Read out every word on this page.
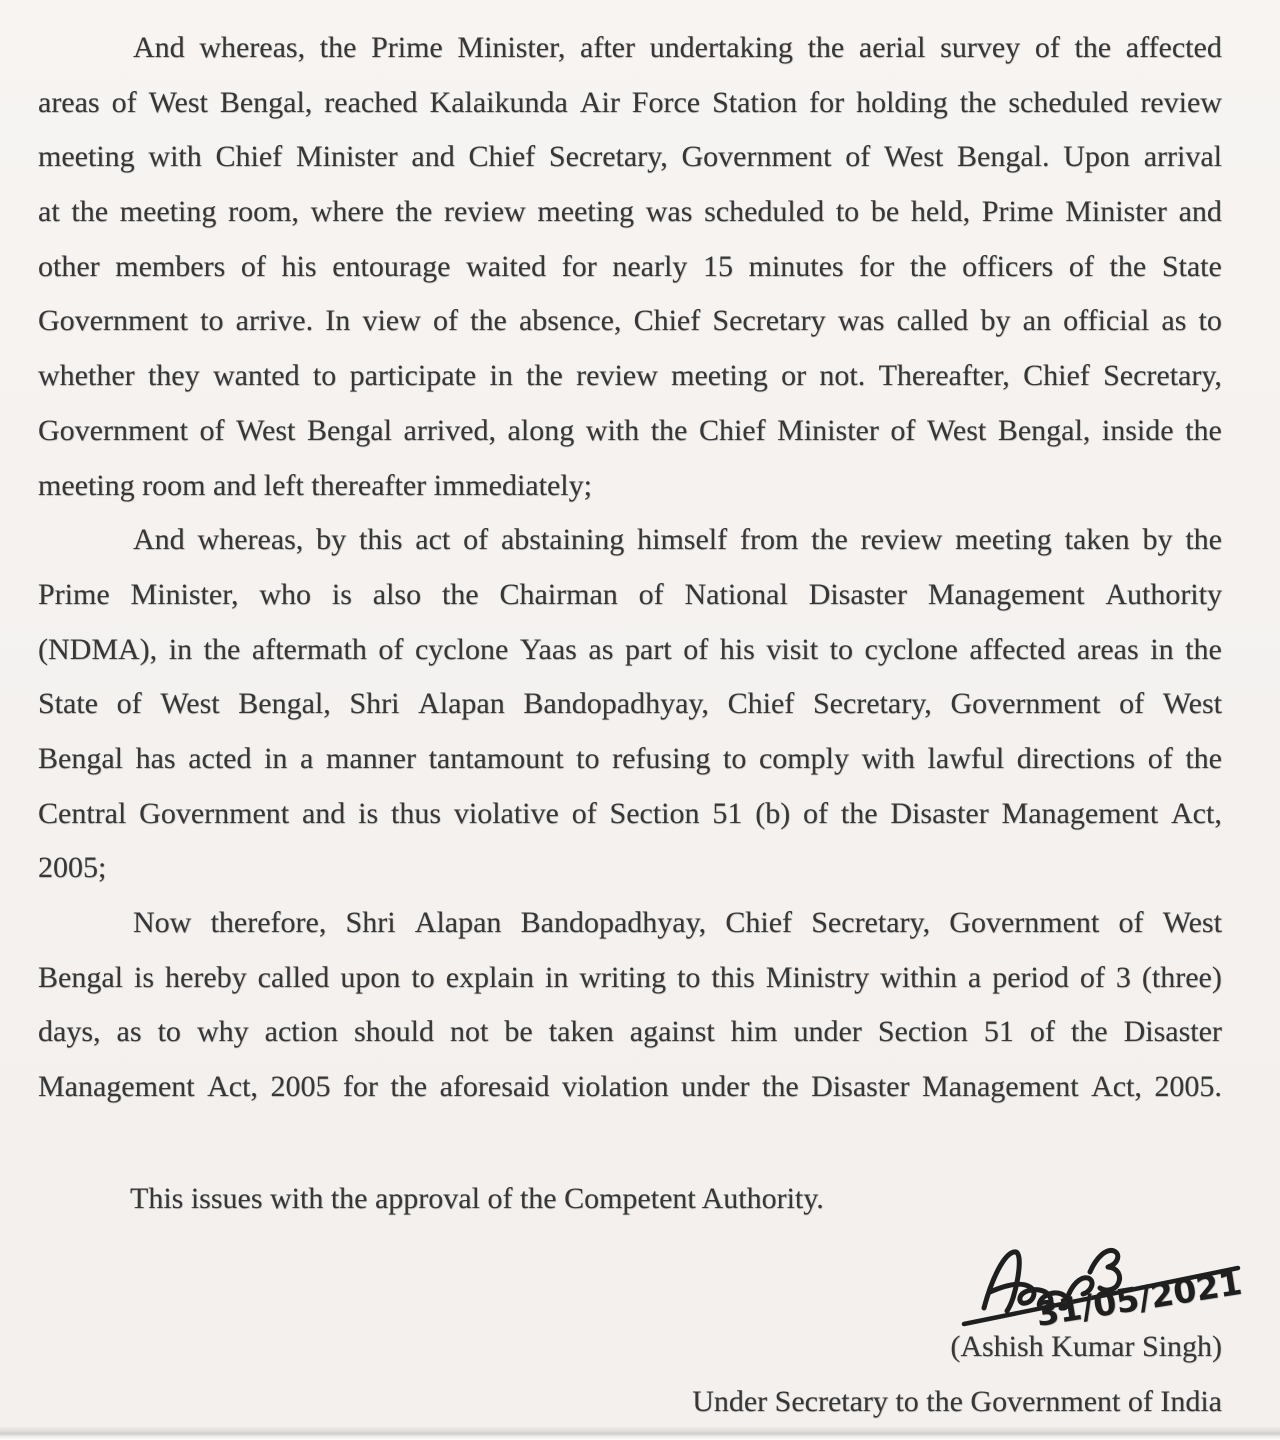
And whereas, the Prime Minister, after undertaking the aerial survey of the affected
areas of West Bengal, reached Kalaikunda Air Force Station for holding the scheduled review
meeting with Chief Minister and Chief Secretary, Government of West Bengal. Upon arrival
at the meeting room, where the review meeting was scheduled to be held, Prime Minister and
other members of his entourage waited for nearly 15 minutes for the officers of the State
Government to arrive. In view of the absence, Chief Secretary was called by an official as to
whether they wanted to participate in the review meeting or not. Thereafter, Chief Secretary,
Government of West Bengal arrived, along with the Chief Minister of West Bengal, inside the
meeting room and left thereafter immediately;
And whereas, by this act of abstaining himself from the review meeting taken by the
Prime Minister, who is also the Chairman of National Disaster Management Authority
(NDMA), in the aftermath of cyclone Yaas as part of his visit to cyclone affected areas in the
State of West Bengal, Shri Alapan Bandopadhyay, Chief Secretary, Government of West
Bengal has acted in a manner tantamount to refusing to comply with lawful directions of the
Central Government and is thus violative of Section 51 (b) of the Disaster Management Act,
2005;
Now therefore, Shri Alapan Bandopadhyay, Chief Secretary, Government of West
Bengal is hereby called upon to explain in writing to this Ministry within a period of 3 (three)
days, as to why action should not be taken against him under Section 51 of the Disaster
Management Act, 2005 for the aforesaid violation under the Disaster Management Act, 2005.
This issues with the approval of the Competent Authority.
31/05/2021
(Ashish Kumar Singh)
Under Secretary to the Government of India
